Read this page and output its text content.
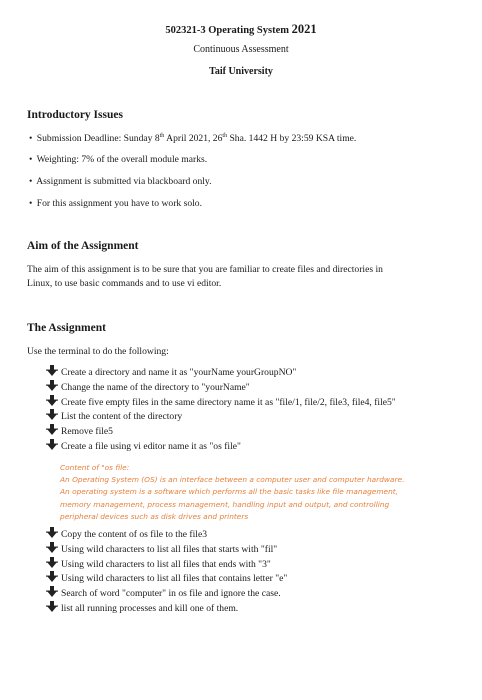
502321-3 Operating System 2021
Continuous Assessment
Taif University
Introductory Issues
• Submission Deadline: Sunday 8th April 2021, 26th Sha. 1442 H by 23:59 KSA time.
• Weighting: 7% of the overall module marks.
• Assignment is submitted via blackboard only.
• For this assignment you have to work solo.
Aim of the Assignment
The aim of this assignment is to be sure that you are familiar to create files and directories in
Linux, to use basic commands and to use vi editor.
The Assignment
Use the terminal to do the following:
Create a directory and name it as "yourName yourGroupNO"
Change the name of the directory to "yourName"
Create five empty files in the same directory name it as "file/1, file/2, file3, file4, file5"
List the content of the directory
Remove file5
Create a file using vi editor name it as "os file"
Content of "os file:
An Operating System (OS) is an interface between a computer user and computer hardware.
An operating system is a software which performs all the basic tasks like file management,
memory management, process management, handling input and output, and controlling
peripheral devices such as disk drives and printers
Copy the content of os file to the file3
Using wild characters to list all files that starts with "fil"
Using wild characters to list all files that ends with "3"
Using wild characters to list all files that contains letter "e"
Search of word "computer" in os file and ignore the case.
list all running processes and kill one of them.
